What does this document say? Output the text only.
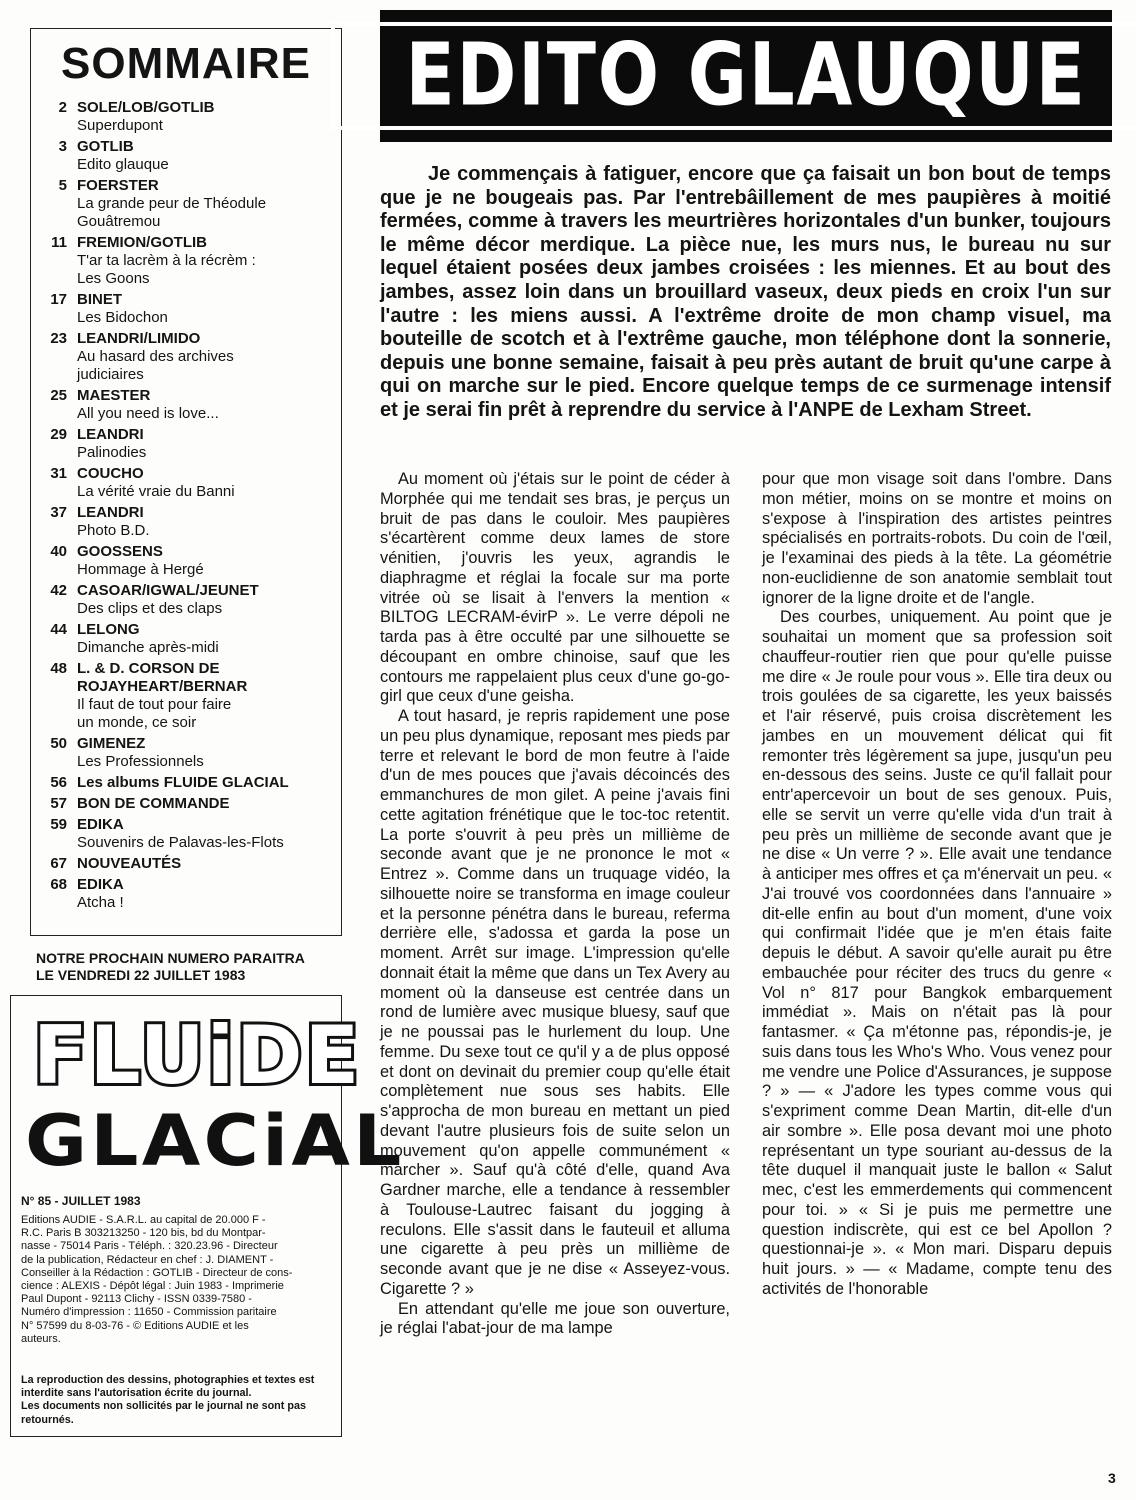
SOMMAIRE
2 SOLE/LOB/GOTLIB
Superdupont
3 GOTLIB
Edito glauque
5 FOERSTER
La grande peur de Théodule
Gouâtremou
11 FREMION/GOTLIB
T'ar ta lacrèm à la récrèm :
Les Goons
17 BINET
Les Bidochon
23 LEANDRI/LIMIDO
Au hasard des archives
judiciaires
25 MAESTER
All you need is love...
29 LEANDRI
Palinodies
31 COUCHO
La vérité vraie du Banni
37 LEANDRI
Photo B.D.
40 GOOSSENS
Hommage à Hergé
42 CASOAR/IGWAL/JEUNET
Des clips et des claps
44 LELONG
Dimanche après-midi
48 L. & D. CORSON DE
ROJAYHEART/BERNAR
Il faut de tout pour faire
un monde, ce soir
50 GIMENEZ
Les Professionnels
56 Les albums FLUIDE GLACIAL
57 BON DE COMMANDE
59 EDIKA
Souvenirs de Palavas-les-Flots
67 NOUVEAUTÉS
68 EDIKA
Atcha !
NOTRE PROCHAIN NUMERO PARAITRA
LE VENDREDI 22 JUILLET 1983
FLUiDE
GLACiAL
N° 85 - JUILLET 1983
Editions AUDIE - S.A.R.L. au capital de 20.000 F -
R.C. Paris B 303213250 - 120 bis, bd du Montpar-
nasse - 75014 Paris - Téléph. : 320.23.96 - Directeur
de la publication, Rédacteur en chef : J. DIAMENT -
Conseiller à la Rédaction : GOTLIB - Directeur de cons-
cience : ALEXIS - Dépôt légal : Juin 1983 - Imprimerie
Paul Dupont - 92113 Clichy - ISSN 0339-7580 -
Numéro d'impression : 11650 - Commission paritaire
N° 57599 du 8-03-76 - © Editions AUDIE et les
auteurs.
La reproduction des dessins, photographies et textes est
interdite sans l'autorisation écrite du journal.
Les documents non sollicités par le journal ne sont pas
retournés.
EDITO GLAUQUE
Je commençais à fatiguer, encore que ça faisait un bon bout de temps que je ne bougeais pas. Par l'entrebâillement de mes paupières à moitié fermées, comme à travers les meurtrières horizontales d'un bunker, toujours le même décor merdique. La pièce nue, les murs nus, le bureau nu sur lequel étaient posées deux jambes croisées : les miennes. Et au bout des jambes, assez loin dans un brouillard vaseux, deux pieds en croix l'un sur l'autre : les miens aussi. A l'extrême droite de mon champ visuel, ma bouteille de scotch et à l'extrême gauche, mon téléphone dont la sonnerie, depuis une bonne semaine, faisait à peu près autant de bruit qu'une carpe à qui on marche sur le pied. Encore quelque temps de ce surmenage intensif et je serai fin prêt à reprendre du service à l'ANPE de Lexham Street.

Au moment où j'étais sur le point de céder à Morphée qui me tendait ses bras, je perçus un bruit de pas dans le couloir. Mes paupières s'écartèrent comme deux lames de store vénitien, j'ouvris les yeux, agrandis le diaphragme et réglai la focale sur ma porte vitrée où se lisait à l'envers la mention « BILTOG LECRAM-évirP ». Le verre dépoli ne tarda pas à être occulté par une silhouette se découpant en ombre chinoise, sauf que les contours me rappelaient plus ceux d'une go-go-girl que ceux d'une geisha.

A tout hasard, je repris rapidement une pose un peu plus dynamique, reposant mes pieds par terre et relevant le bord de mon feutre à l'aide d'un de mes pouces que j'avais décoincés des emmanchures de mon gilet. A peine j'avais fini cette agitation frénétique que le toc-toc retentit. La porte s'ouvrit à peu près un millième de seconde avant que je ne prononce le mot « Entrez ». Comme dans un truquage vidéo, la silhouette noire se transforma en image couleur et la personne pénétra dans le bureau, referma derrière elle, s'adossa et garda la pose un moment. Arrêt sur image. L'impression qu'elle donnait était la même que dans un Tex Avery au moment où la danseuse est centrée dans un rond de lumière avec musique bluesy, sauf que je ne poussai pas le hurlement du loup. Une femme. Du sexe tout ce qu'il y a de plus opposé et dont on devinait du premier coup qu'elle était complètement nue sous ses habits. Elle s'approcha de mon bureau en mettant un pied devant l'autre plusieurs fois de suite selon un mouvement qu'on appelle communément « marcher ». Sauf qu'à côté d'elle, quand Ava Gardner marche, elle a tendance à ressembler à Toulouse-Lautrec faisant du jogging à reculons. Elle s'assit dans le fauteuil et alluma une cigarette à peu près un millième de seconde avant que je ne dise « Asseyez-vous. Cigarette ? »

En attendant qu'elle me joue son ouverture, je réglai l'abat-jour de ma lampe

pour que mon visage soit dans l'ombre. Dans mon métier, moins on se montre et moins on s'expose à l'inspiration des artistes peintres spécialisés en portraits-robots. Du coin de l'œil, je l'examinai des pieds à la tête. La géométrie non-euclidienne de son anatomie semblait tout ignorer de la ligne droite et de l'angle.

Des courbes, uniquement. Au point que je souhaitai un moment que sa profession soit chauffeur-routier rien que pour qu'elle puisse me dire « Je roule pour vous ». Elle tira deux ou trois goulées de sa cigarette, les yeux baissés et l'air réservé, puis croisa discrètement les jambes en un mouvement délicat qui fit remonter très légèrement sa jupe, jusqu'un peu en-dessous des seins. Juste ce qu'il fallait pour entr'apercevoir un bout de ses genoux. Puis, elle se servit un verre qu'elle vida d'un trait à peu près un millième de seconde avant que je ne dise « Un verre ? ». Elle avait une tendance à anticiper mes offres et ça m'énervait un peu. « J'ai trouvé vos coordonnées dans l'annuaire » dit-elle enfin au bout d'un moment, d'une voix qui confirmait l'idée que je m'en étais faite depuis le début. A savoir qu'elle aurait pu être embauchée pour réciter des trucs du genre « Vol n° 817 pour Bangkok embarquement immédiat ». Mais on n'était pas là pour fantasmer. « Ça m'étonne pas, répondis-je, je suis dans tous les Who's Who. Vous venez pour me vendre une Police d'Assurances, je suppose ? » — « J'adore les types comme vous qui s'expriment comme Dean Martin, dit-elle d'un air sombre ». Elle posa devant moi une photo représentant un type souriant au-dessus de la tête duquel il manquait juste le ballon « Salut mec, c'est les emmerdements qui commencent pour toi. » « Si je puis me permettre une question indiscrète, qui est ce bel Apollon ? questionnai-je ». « Mon mari. Disparu depuis huit jours. » — « Madame, compte tenu des activités de l'honorable

3
